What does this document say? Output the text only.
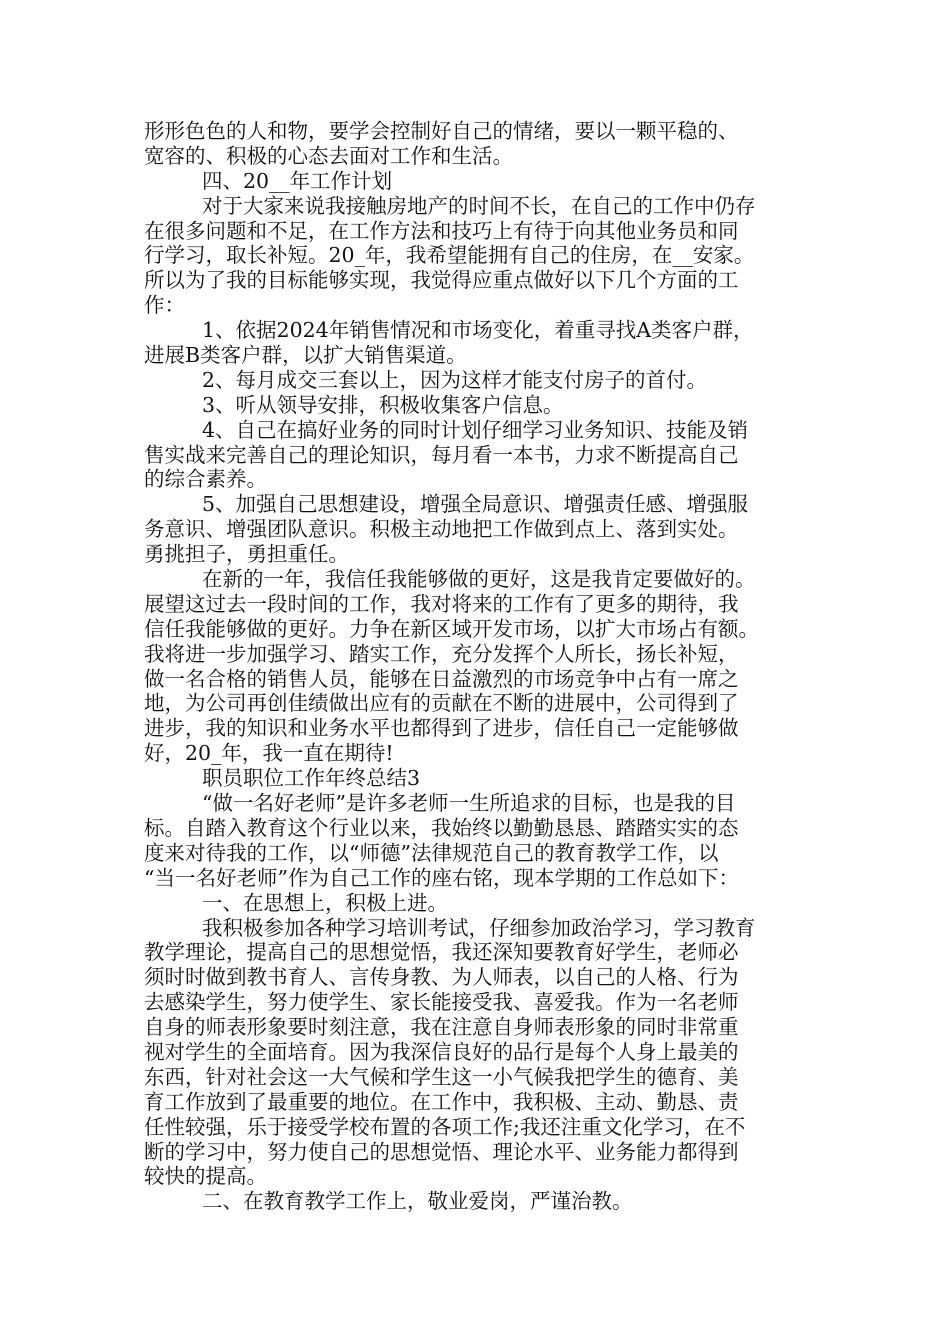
形形色色的人和物，要学会控制好自己的情绪，要以一颗平稳的、
宽容的、积极的心态去面对工作和生活。
四、20__年工作计划
对于大家来说我接触房地产的时间不长，在自己的工作中仍存
在很多问题和不足，在工作方法和技巧上有待于向其他业务员和同
行学习，取长补短。20_年，我希望能拥有自己的住房，在__安家。
所以为了我的目标能够实现，我觉得应重点做好以下几个方面的工
作：
1、依据2024年销售情况和市场变化，着重寻找A类客户群，
进展B类客户群，以扩大销售渠道。
2、每月成交三套以上，因为这样才能支付房子的首付。
3、听从领导安排，积极收集客户信息。
4、自己在搞好业务的同时计划仔细学习业务知识、技能及销
售实战来完善自己的理论知识，每月看一本书，力求不断提高自己
的综合素养。
5、加强自己思想建设，增强全局意识、增强责任感、增强服
务意识、增强团队意识。积极主动地把工作做到点上、落到实处。
勇挑担子，勇担重任。
在新的一年，我信任我能够做的更好，这是我肯定要做好的。
展望这过去一段时间的工作，我对将来的工作有了更多的期待，我
信任我能够做的更好。力争在新区域开发市场，以扩大市场占有额。
我将进一步加强学习、踏实工作，充分发挥个人所长，扬长补短，
做一名合格的销售人员，能够在日益激烈的市场竞争中占有一席之
地，为公司再创佳绩做出应有的贡献在不断的进展中，公司得到了
进步，我的知识和业务水平也都得到了进步，信任自己一定能够做
好，20_年，我一直在期待!
职员职位工作年终总结3
“做一名好老师”是许多老师一生所追求的目标，也是我的目
标。自踏入教育这个行业以来，我始终以勤勤恳恳、踏踏实实的态
度来对待我的工作，以“师德”法律规范自己的教育教学工作，以
“当一名好老师”作为自己工作的座右铭，现本学期的工作总如下：
一、在思想上，积极上进。
我积极参加各种学习培训考试，仔细参加政治学习，学习教育
教学理论，提高自己的思想觉悟，我还深知要教育好学生，老师必
须时时做到教书育人、言传身教、为人师表，以自己的人格、行为
去感染学生，努力使学生、家长能接受我、喜爱我。作为一名老师
自身的师表形象要时刻注意，我在注意自身师表形象的同时非常重
视对学生的全面培育。因为我深信良好的品行是每个人身上最美的
东西，针对社会这一大气候和学生这一小气候我把学生的德育、美
育工作放到了最重要的地位。在工作中，我积极、主动、勤恳、责
任性较强，乐于接受学校布置的各项工作;我还注重文化学习，在不
断的学习中，努力使自己的思想觉悟、理论水平、业务能力都得到
较快的提高。
二、在教育教学工作上，敬业爱岗，严谨治教。
